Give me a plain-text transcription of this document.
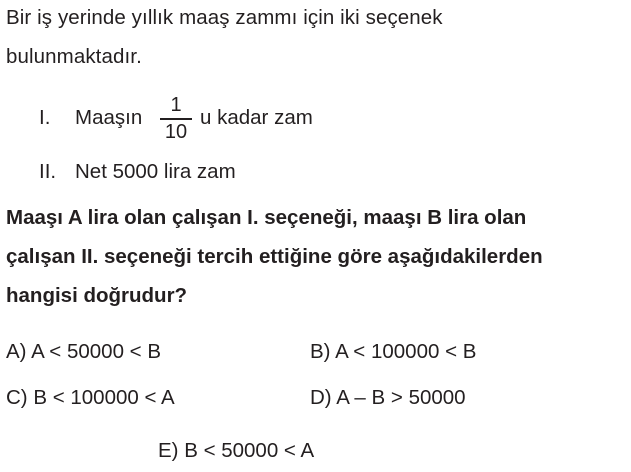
Bir iş yerinde yıllık maaş zammı için iki seçenek
bulunmaktadır.
I. Maaşın
1
10
u kadar zam
II. Net 5000 lira zam
Maaşı A lira olan çalışan I. seçeneği, maaşı B lira olan
çalışan II. seçeneği tercih ettiğine göre aşağıdakilerden
hangisi doğrudur?
A) A < 50000 < B	B) A < 100000 < B
C) B < 100000 < A	D) A – B > 50000
E) B < 50000 < A
